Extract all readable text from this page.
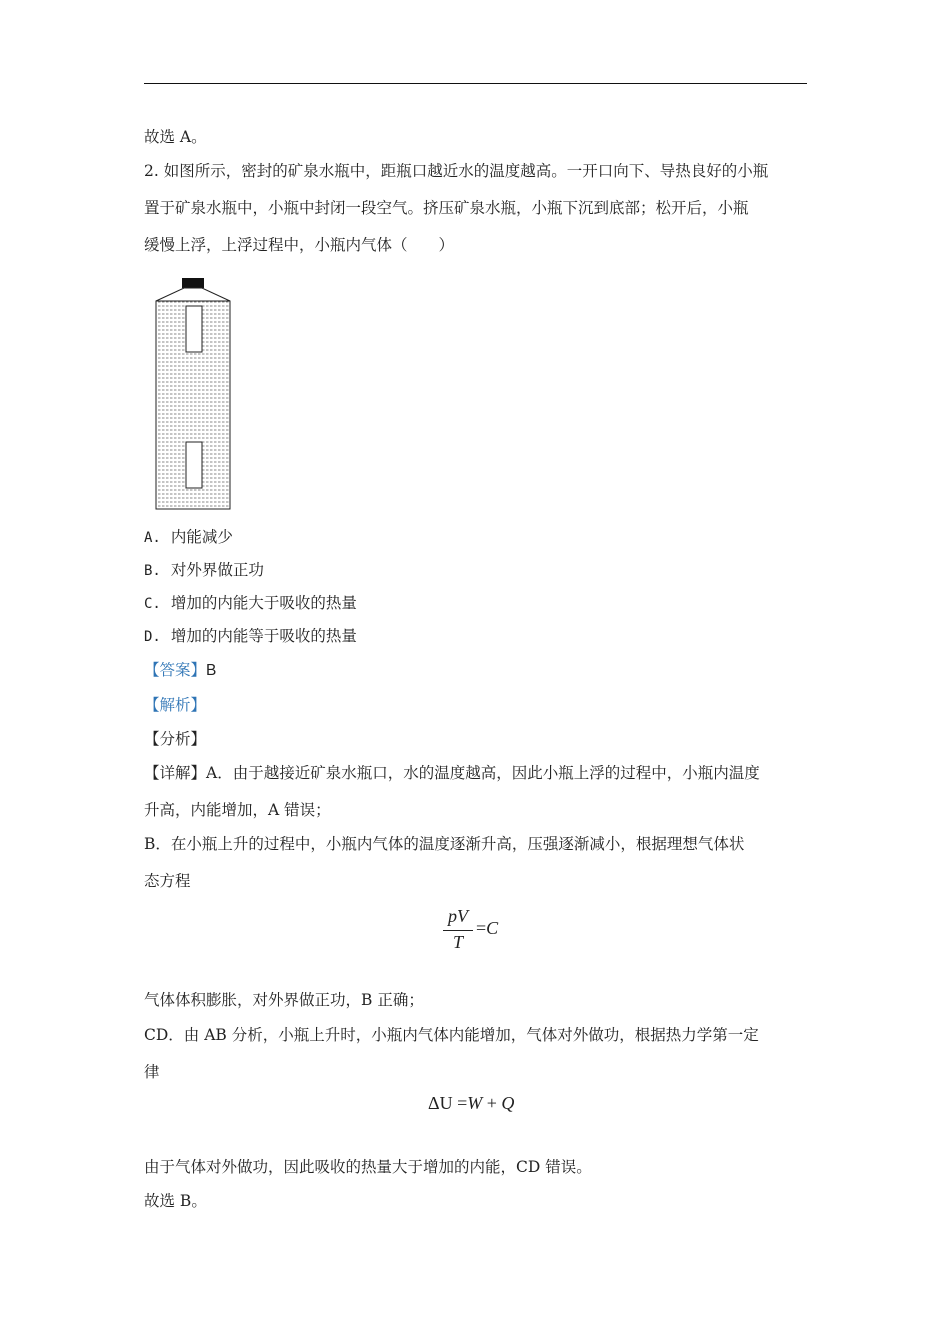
故选 A。
2. 如图所示，密封的矿泉水瓶中，距瓶口越近水的温度越高。一开口向下、导热良好的小瓶
置于矿泉水瓶中，小瓶中封闭一段空气。挤压矿泉水瓶，小瓶下沉到底部；松开后，小瓶
缓慢上浮，上浮过程中，小瓶内气体（　　）
A. 内能减少
B. 对外界做正功
C. 增加的内能大于吸收的热量
D. 增加的内能等于吸收的热量
【答案】B
【解析】
【分析】
【详解】A．由于越接近矿泉水瓶口，水的温度越高，因此小瓶上浮的过程中，小瓶内温度
升高，内能增加，A 错误；
B．在小瓶上升的过程中，小瓶内气体的温度逐渐升高，压强逐渐减小，根据理想气体状
态方程
pV
T
=C
气体体积膨胀，对外界做正功，B 正确；
CD．由 AB 分析，小瓶上升时，小瓶内气体内能增加，气体对外做功，根据热力学第一定
律
ΔU =W + Q
由于气体对外做功，因此吸收的热量大于增加的内能，CD 错误。
故选 B。
